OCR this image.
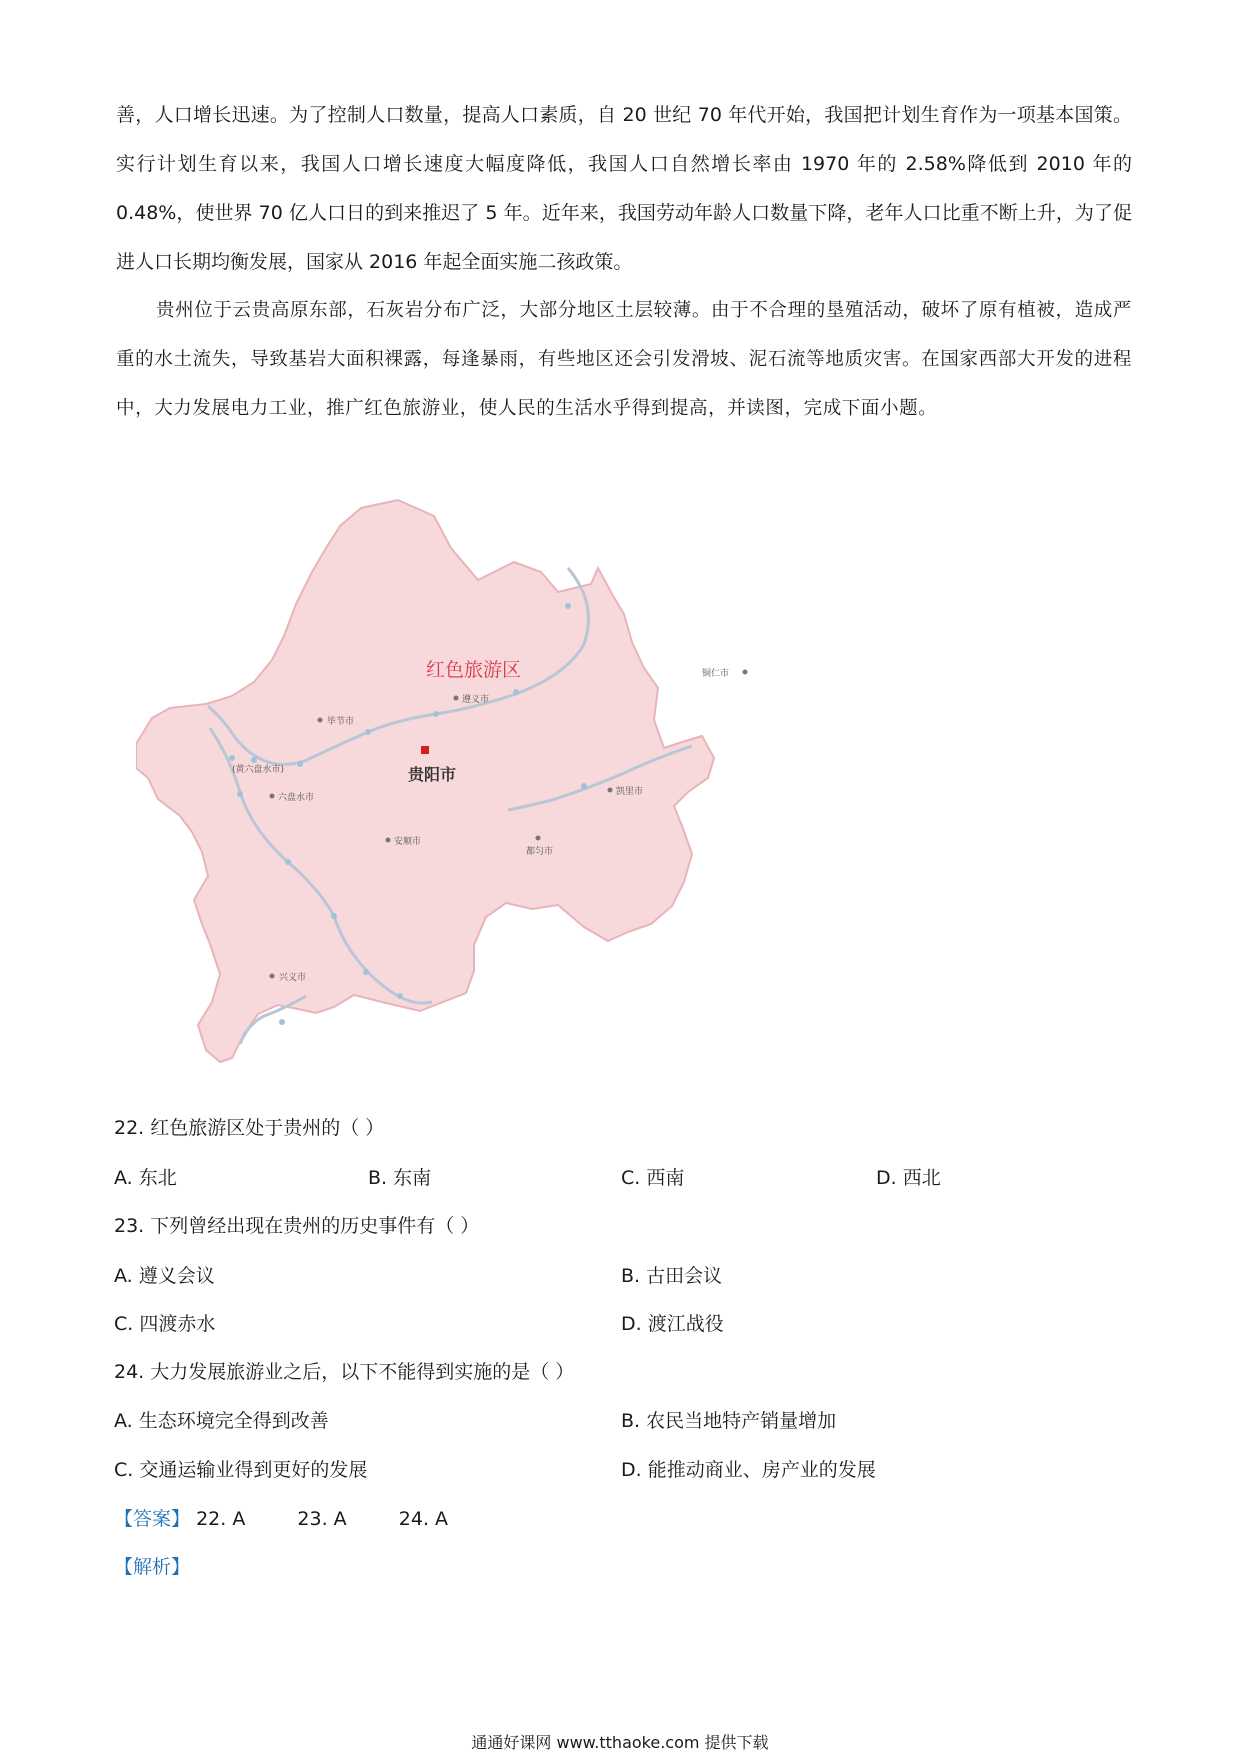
善，人口增长迅速。为了控制人口数量，提高人口素质，自 20 世纪 70 年代开始，我国把计划生育作为一项基本国策。实行计划生育以来，我国人口增长速度大幅度降低，我国人口自然增长率由 1970 年的 2.58%降低到 2010 年的 0.48%，使世界 70 亿人口日的到来推迟了 5 年。近年来，我国劳动年龄人口数量下降，老年人口比重不断上升，为了促进人口长期均衡发展，国家从 2016 年起全面实施二孩政策。

贵州位于云贵高原东部，石灰岩分布广泛，大部分地区土层较薄。由于不合理的垦殖活动，破坏了原有植被，造成严重的水土流失，导致基岩大面积裸露，每逢暴雨，有些地区还会引发滑坡、泥石流等地质灾害。在国家西部大开发的进程中，大力发展电力工业，推广红色旅游业，使人民的生活水乎得到提高，并读图，完成下面小题。

红色旅游区
贵阳市
遵义市
铜仁市
毕节市
(黄六盘水市)
六盘水市
安顺市
凯里市
都匀市
兴义市

22. 红色旅游区处于贵州的（ ）

A. 东北	B. 东南	C. 西南	D. 西北

23. 下列曾经出现在贵州的历史事件有（ ）

A. 遵义会议	B. 古田会议

C. 四渡赤水	D. 渡江战役

24. 大力发展旅游业之后，以下不能得到实施的是（ ）

A. 生态环境完全得到改善	B. 农民当地特产销量增加

C. 交通运输业得到更好的发展	D. 能推动商业、房产业的发展

【答案】 22. A	23. A	24. A

【解析】

通通好课网 www.tthaoke.com 提供下载
